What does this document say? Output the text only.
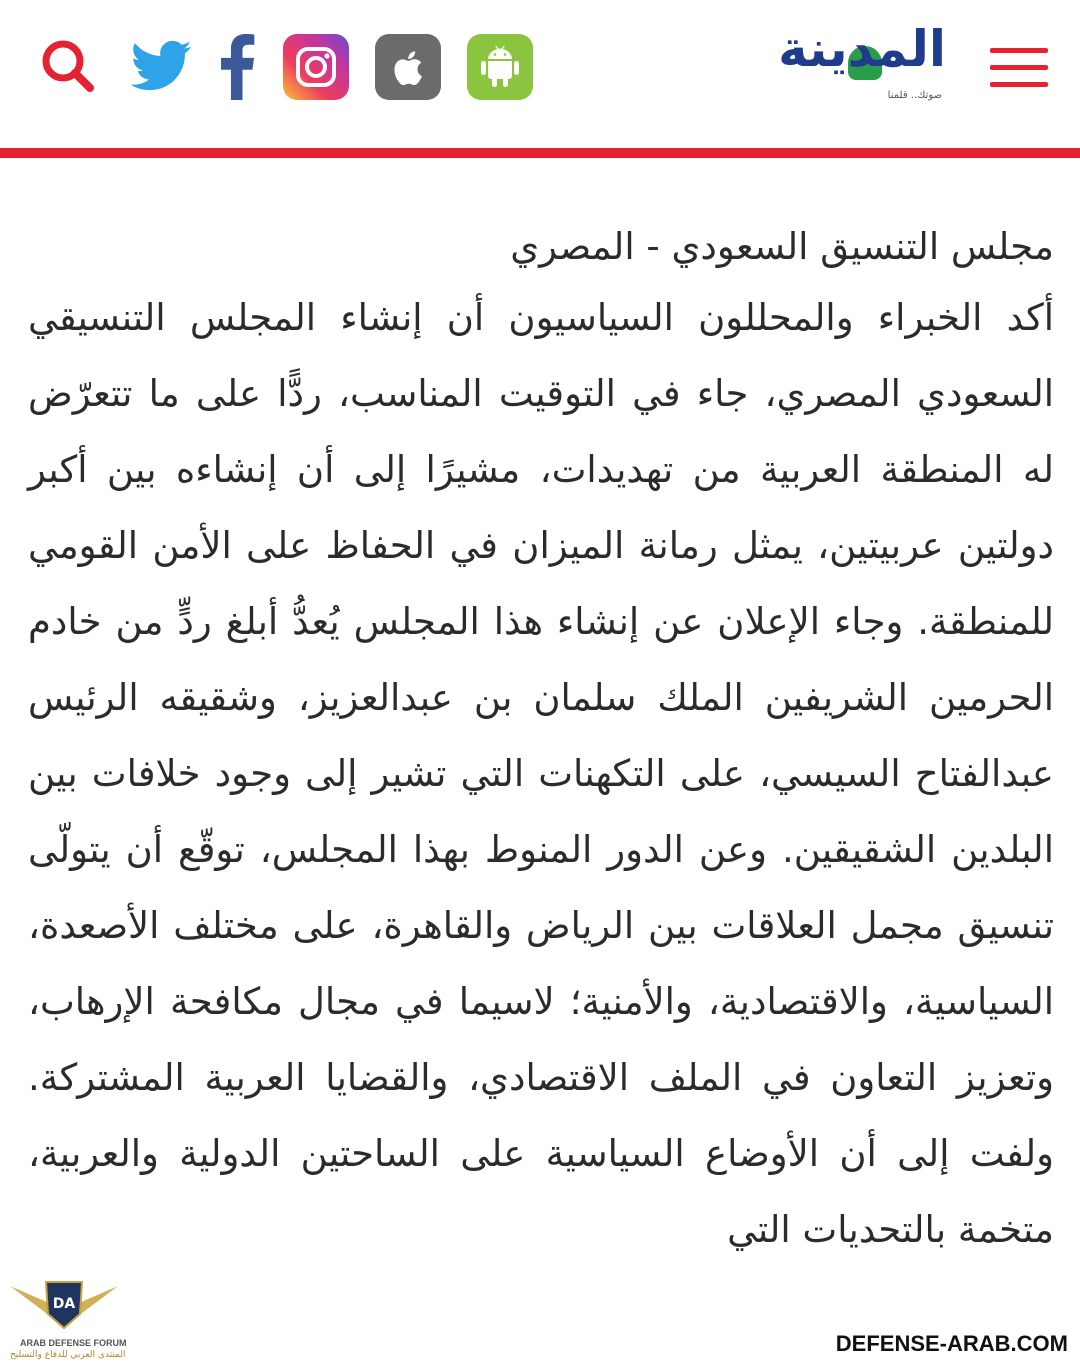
المدينة
صوتك.. قلمنا
مجلس التنسيق السعودي - المصري

أكد الخبراء والمحللون السياسيون أن إنشاء المجلس التنسيقي السعودي المصري، جاء في التوقيت المناسب، ردًّا على ما تتعرّض له المنطقة العربية من تهديدات، مشيرًا إلى أن إنشاءه بين أكبر دولتين عربيتين، يمثل رمانة الميزان في الحفاظ على الأمن القومي للمنطقة. وجاء الإعلان عن إنشاء هذا المجلس يُعدُّ أبلغ ردٍّ من خادم الحرمين الشريفين الملك سلمان بن عبدالعزيز، وشقيقه الرئيس عبدالفتاح السيسي، على التكهنات التي تشير إلى وجود خلافات بين البلدين الشقيقين. وعن الدور المنوط بهذا المجلس، توقّع أن يتولّى تنسيق مجمل العلاقات بين الرياض والقاهرة، على مختلف الأصعدة، السياسية، والاقتصادية، والأمنية؛ لاسيما في مجال مكافحة الإرهاب، وتعزيز التعاون في الملف الاقتصادي، والقضايا العربية المشتركة. ولفت إلى أن الأوضاع السياسية على الساحتين الدولية والعربية، متخمة بالتحديات التي

DA
ARAB DEFENSE FORUM
المنتدى العربي للدفاع والتسليح	DEFENSE-ARAB.COM
